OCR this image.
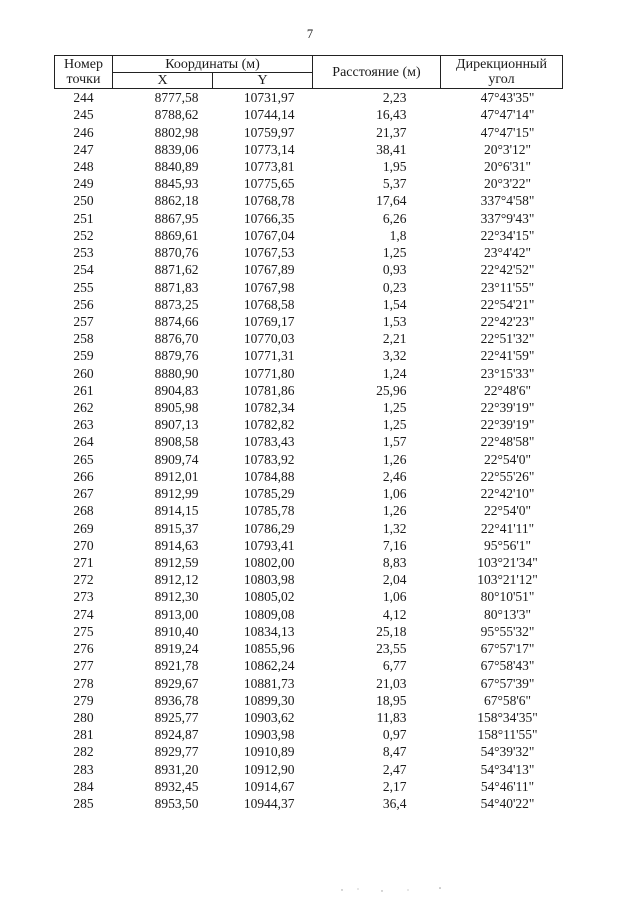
7
Номер
точки	Координаты (м)		Расстояние (м)	Дирекционный
угол
	X	Y		
244	8777,58	10731,97	2,23	47°43'35"
245	8788,62	10744,14	16,43	47°47'14"
246	8802,98	10759,97	21,37	47°47'15"
247	8839,06	10773,14	38,41	20°3'12"
248	8840,89	10773,81	1,95	20°6'31"
249	8845,93	10775,65	5,37	20°3'22"
250	8862,18	10768,78	17,64	337°4'58"
251	8867,95	10766,35	6,26	337°9'43"
252	8869,61	10767,04	1,8	22°34'15"
253	8870,76	10767,53	1,25	23°4'42"
254	8871,62	10767,89	0,93	22°42'52"
255	8871,83	10767,98	0,23	23°11'55"
256	8873,25	10768,58	1,54	22°54'21"
257	8874,66	10769,17	1,53	22°42'23"
258	8876,70	10770,03	2,21	22°51'32"
259	8879,76	10771,31	3,32	22°41'59"
260	8880,90	10771,80	1,24	23°15'33"
261	8904,83	10781,86	25,96	22°48'6"
262	8905,98	10782,34	1,25	22°39'19"
263	8907,13	10782,82	1,25	22°39'19"
264	8908,58	10783,43	1,57	22°48'58"
265	8909,74	10783,92	1,26	22°54'0"
266	8912,01	10784,88	2,46	22°55'26"
267	8912,99	10785,29	1,06	22°42'10"
268	8914,15	10785,78	1,26	22°54'0"
269	8915,37	10786,29	1,32	22°41'11"
270	8914,63	10793,41	7,16	95°56'1"
271	8912,59	10802,00	8,83	103°21'34"
272	8912,12	10803,98	2,04	103°21'12"
273	8912,30	10805,02	1,06	80°10'51"
274	8913,00	10809,08	4,12	80°13'3"
275	8910,40	10834,13	25,18	95°55'32"
276	8919,24	10855,96	23,55	67°57'17"
277	8921,78	10862,24	6,77	67°58'43"
278	8929,67	10881,73	21,03	67°57'39"
279	8936,78	10899,30	18,95	67°58'6"
280	8925,77	10903,62	11,83	158°34'35"
281	8924,87	10903,98	0,97	158°11'55"
282	8929,77	10910,89	8,47	54°39'32"
283	8931,20	10912,90	2,47	54°34'13"
284	8932,45	10914,67	2,17	54°46'11"
285	8953,50	10944,37	36,4	54°40'22"
